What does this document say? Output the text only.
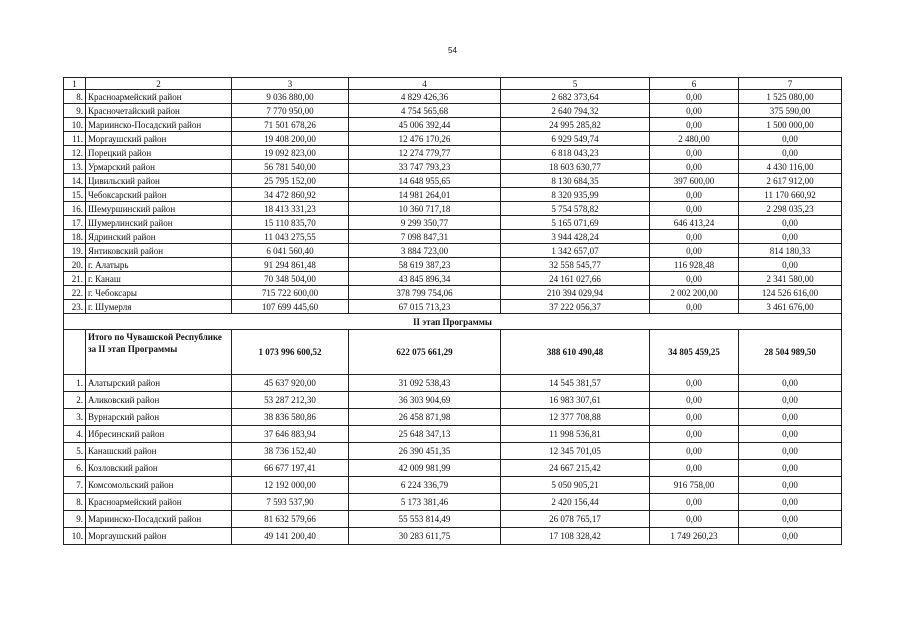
54
1	2	3	4	5	6	7
8.	Красноармейский район	9 036 880,00	4 829 426,36	2 682 373,64	0,00	1 525 080,00
9.	Красночетайский район	7 770 950,00	4 754 565,68	2 640 794,32	0,00	375 590,00
10.	Мариинско-Посадский район	71 501 678,26	45 006 392,44	24 995 285,82	0,00	1 500 000,00
11.	Моргаушский район	19 408 200,00	12 476 170,26	6 929 549,74	2 480,00	0,00
12.	Порецкий район	19 092 823,00	12 274 779,77	6 818 043,23	0,00	0,00
13.	Урмарский район	56 781 540,00	33 747 793,23	18 603 630,77	0,00	4 430 116,00
14.	Цивильский район	25 795 152,00	14 648 955,65	8 130 684,35	397 600,00	2 617 912,00
15.	Чебоксарский район	34 472 860,92	14 981 264,01	8 320 935,99	0,00	11 170 660,92
16.	Шемуршинский район	18 413 331,23	10 360 717,18	5 754 578,82	0,00	2 298 035,23
17.	Шумерлинский район	15 110 835,70	9 299 350,77	5 165 071,69	646 413,24	0,00
18.	Ядринский район	11 043 275,55	7 098 847,31	3 944 428,24	0,00	0,00
19.	Янтиковский район	6 041 560,40	3 884 723,00	1 342 657,07	0,00	814 180,33
20.	г. Алатырь	91 294 861,48	58 619 387,23	32 558 545,77	116 928,48	0,00
21.	г. Канаш	70 348 504,00	43 845 896,34	24 161 027,66	0,00	2 341 580,00
22.	г. Чебоксары	715 722 600,00	378 799 754,06	210 394 029,94	2 002 200,00	124 526 616,00
23.	г. Шумерля	107 699 445,60	67 015 713,23	37 222 056,37	0,00	3 461 676,00
II этап Программы						
	Итого по Чувашской Республике за II этап Программы	1 073 996 600,52	622 075 661,29	388 610 490,48	34 805 459,25	28 504 989,50
1.	Алатырский район	45 637 920,00	31 092 538,43	14 545 381,57	0,00	0,00
2.	Аликовский район	53 287 212,30	36 303 904,69	16 983 307,61	0,00	0,00
3.	Вурнарский район	38 836 580,86	26 458 871,98	12 377 708,88	0,00	0,00
4.	Ибресинский район	37 646 883,94	25 648 347,13	11 998 536,81	0,00	0,00
5.	Канашский район	38 736 152,40	26 390 451,35	12 345 701,05	0,00	0,00
6.	Козловский район	66 677 197,41	42 009 981,99	24 667 215,42	0,00	0,00
7.	Комсомольский район	12 192 000,00	6 224 336,79	5 050 905,21	916 758,00	0,00
8.	Красноармейский район	7 593 537,90	5 173 381,46	2 420 156,44	0,00	0,00
9.	Мариинско-Посадский район	81 632 579,66	55 553 814,49	26 078 765,17	0,00	0,00
10.	Моргаушский район	49 141 200,40	30 283 611,75	17 108 328,42	1 749 260,23	0,00
